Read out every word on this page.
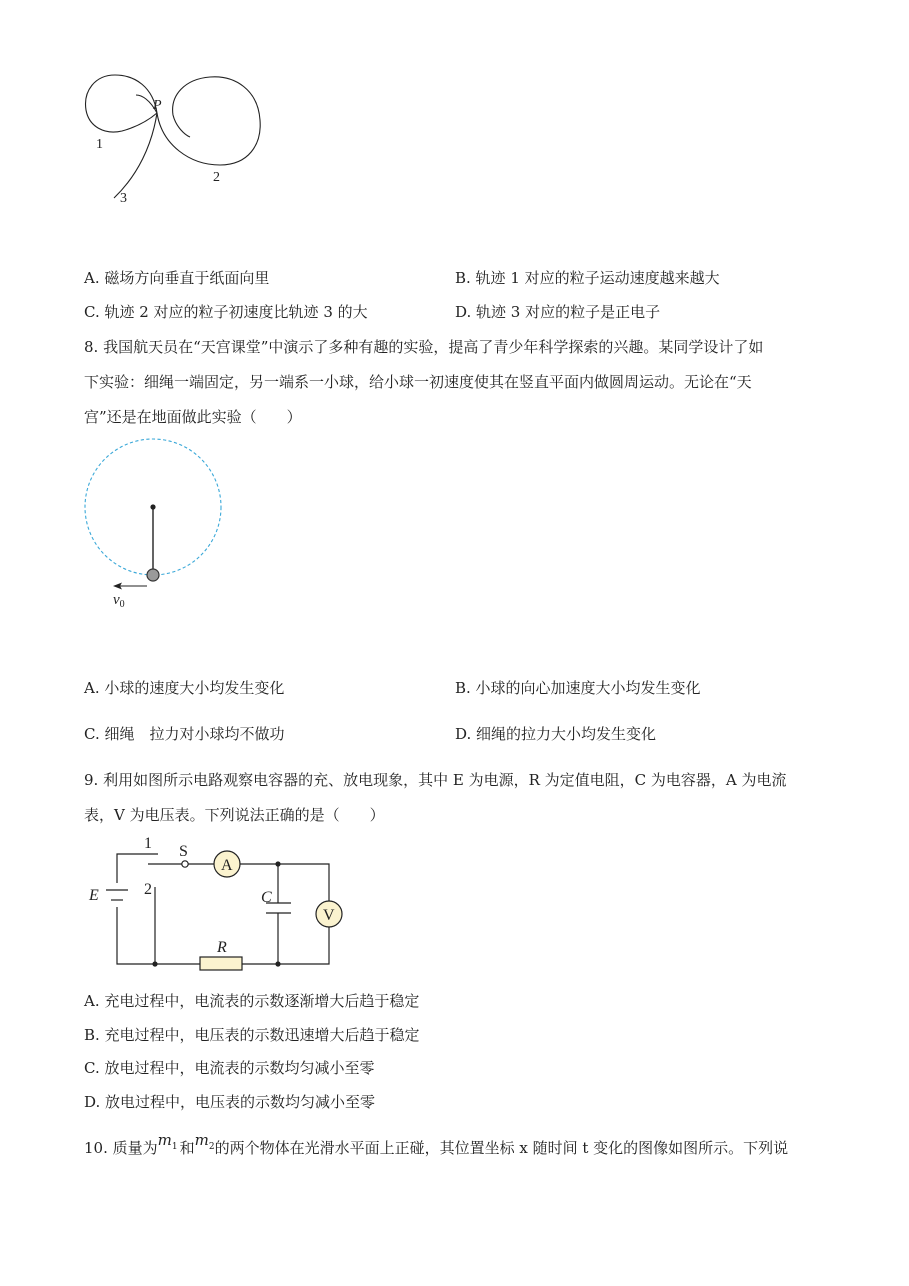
P
1
2
3
A. 磁场方向垂直于纸面向里	B. 轨迹 1 对应的粒子运动速度越来越大
C. 轨迹 2 对应的粒子初速度比轨迹 3 的大	D. 轨迹 3 对应的粒子是正电子
8. 我国航天员在“天宫课堂”中演示了多种有趣的实验，提高了青少年科学探索的兴趣。某同学设计了如
下实验：细绳一端固定，另一端系一小球，给小球一初速度使其在竖直平面内做圆周运动。无论在“天
宫”还是在地面做此实验（　　）
$v_0$
A. 小球的速度大小均发生变化	B. 小球的向心加速度大小均发生变化
C. 细绳　拉力对小球均不做功	D. 细绳的拉力大小均发生变化
9. 利用如图所示电路观察电容器的充、放电现象，其中 E 为电源，R 为定值电阻，C 为电容器，A 为电流
表，V 为电压表。下列说法正确的是（　　）
A
V
1
2
S
E	C
R
A. 充电过程中，电流表的示数逐渐增大后趋于稳定
B. 充电过程中，电压表的示数迅速增大后趋于稳定
C. 放电过程中，电流表的示数均匀减小至零
D. 放电过程中，电压表的示数均匀减小至零
10. 质量为$m_1$ 和$m_2$的两个物体在光滑水平面上正碰，其位置坐标 x 随时间 t 变化的图像如图所示。下列说
